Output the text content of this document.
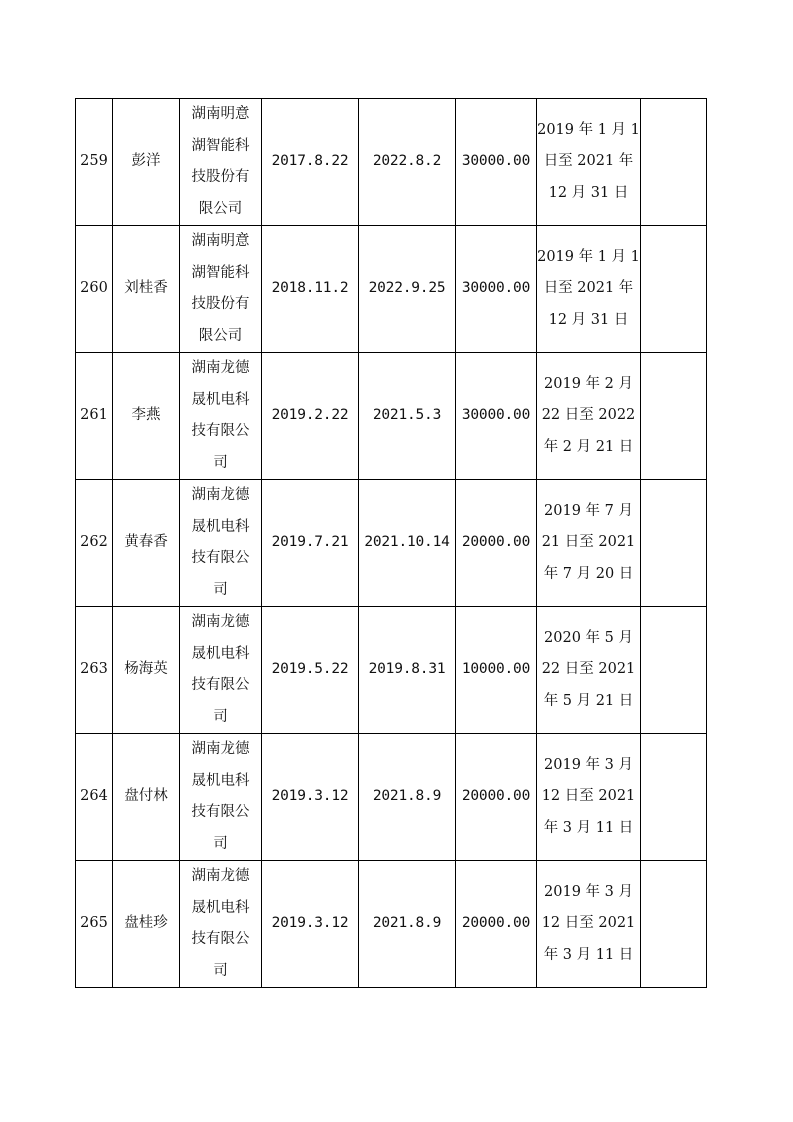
259	彭洋	湖南明意
湖智能科
技股份有
限公司	2017.8.22	2022.8.2	30000.00	2019 年 1 月 1
日至 2021 年
12 月 31 日	

260	刘桂香	湖南明意
湖智能科
技股份有
限公司	2018.11.2	2022.9.25	30000.00	2019 年 1 月 1
日至 2021 年
12 月 31 日	

261	李燕	湖南龙德
晟机电科
技有限公
司	2019.2.22	2021.5.3	30000.00	2019 年 2 月
22 日至 2022
年 2 月 21 日	

262	黄春香	湖南龙德
晟机电科
技有限公
司	2019.7.21	2021.10.14	20000.00	2019 年 7 月
21 日至 2021
年 7 月 20 日	

263	杨海英	湖南龙德
晟机电科
技有限公
司	2019.5.22	2019.8.31	10000.00	2020 年 5 月
22 日至 2021
年 5 月 21 日	

264	盘付林	湖南龙德
晟机电科
技有限公
司	2019.3.12	2021.8.9	20000.00	2019 年 3 月
12 日至 2021
年 3 月 11 日	

265	盘桂珍	湖南龙德
晟机电科
技有限公
司	2019.3.12	2021.8.9	20000.00	2019 年 3 月
12 日至 2021
年 3 月 11 日	
